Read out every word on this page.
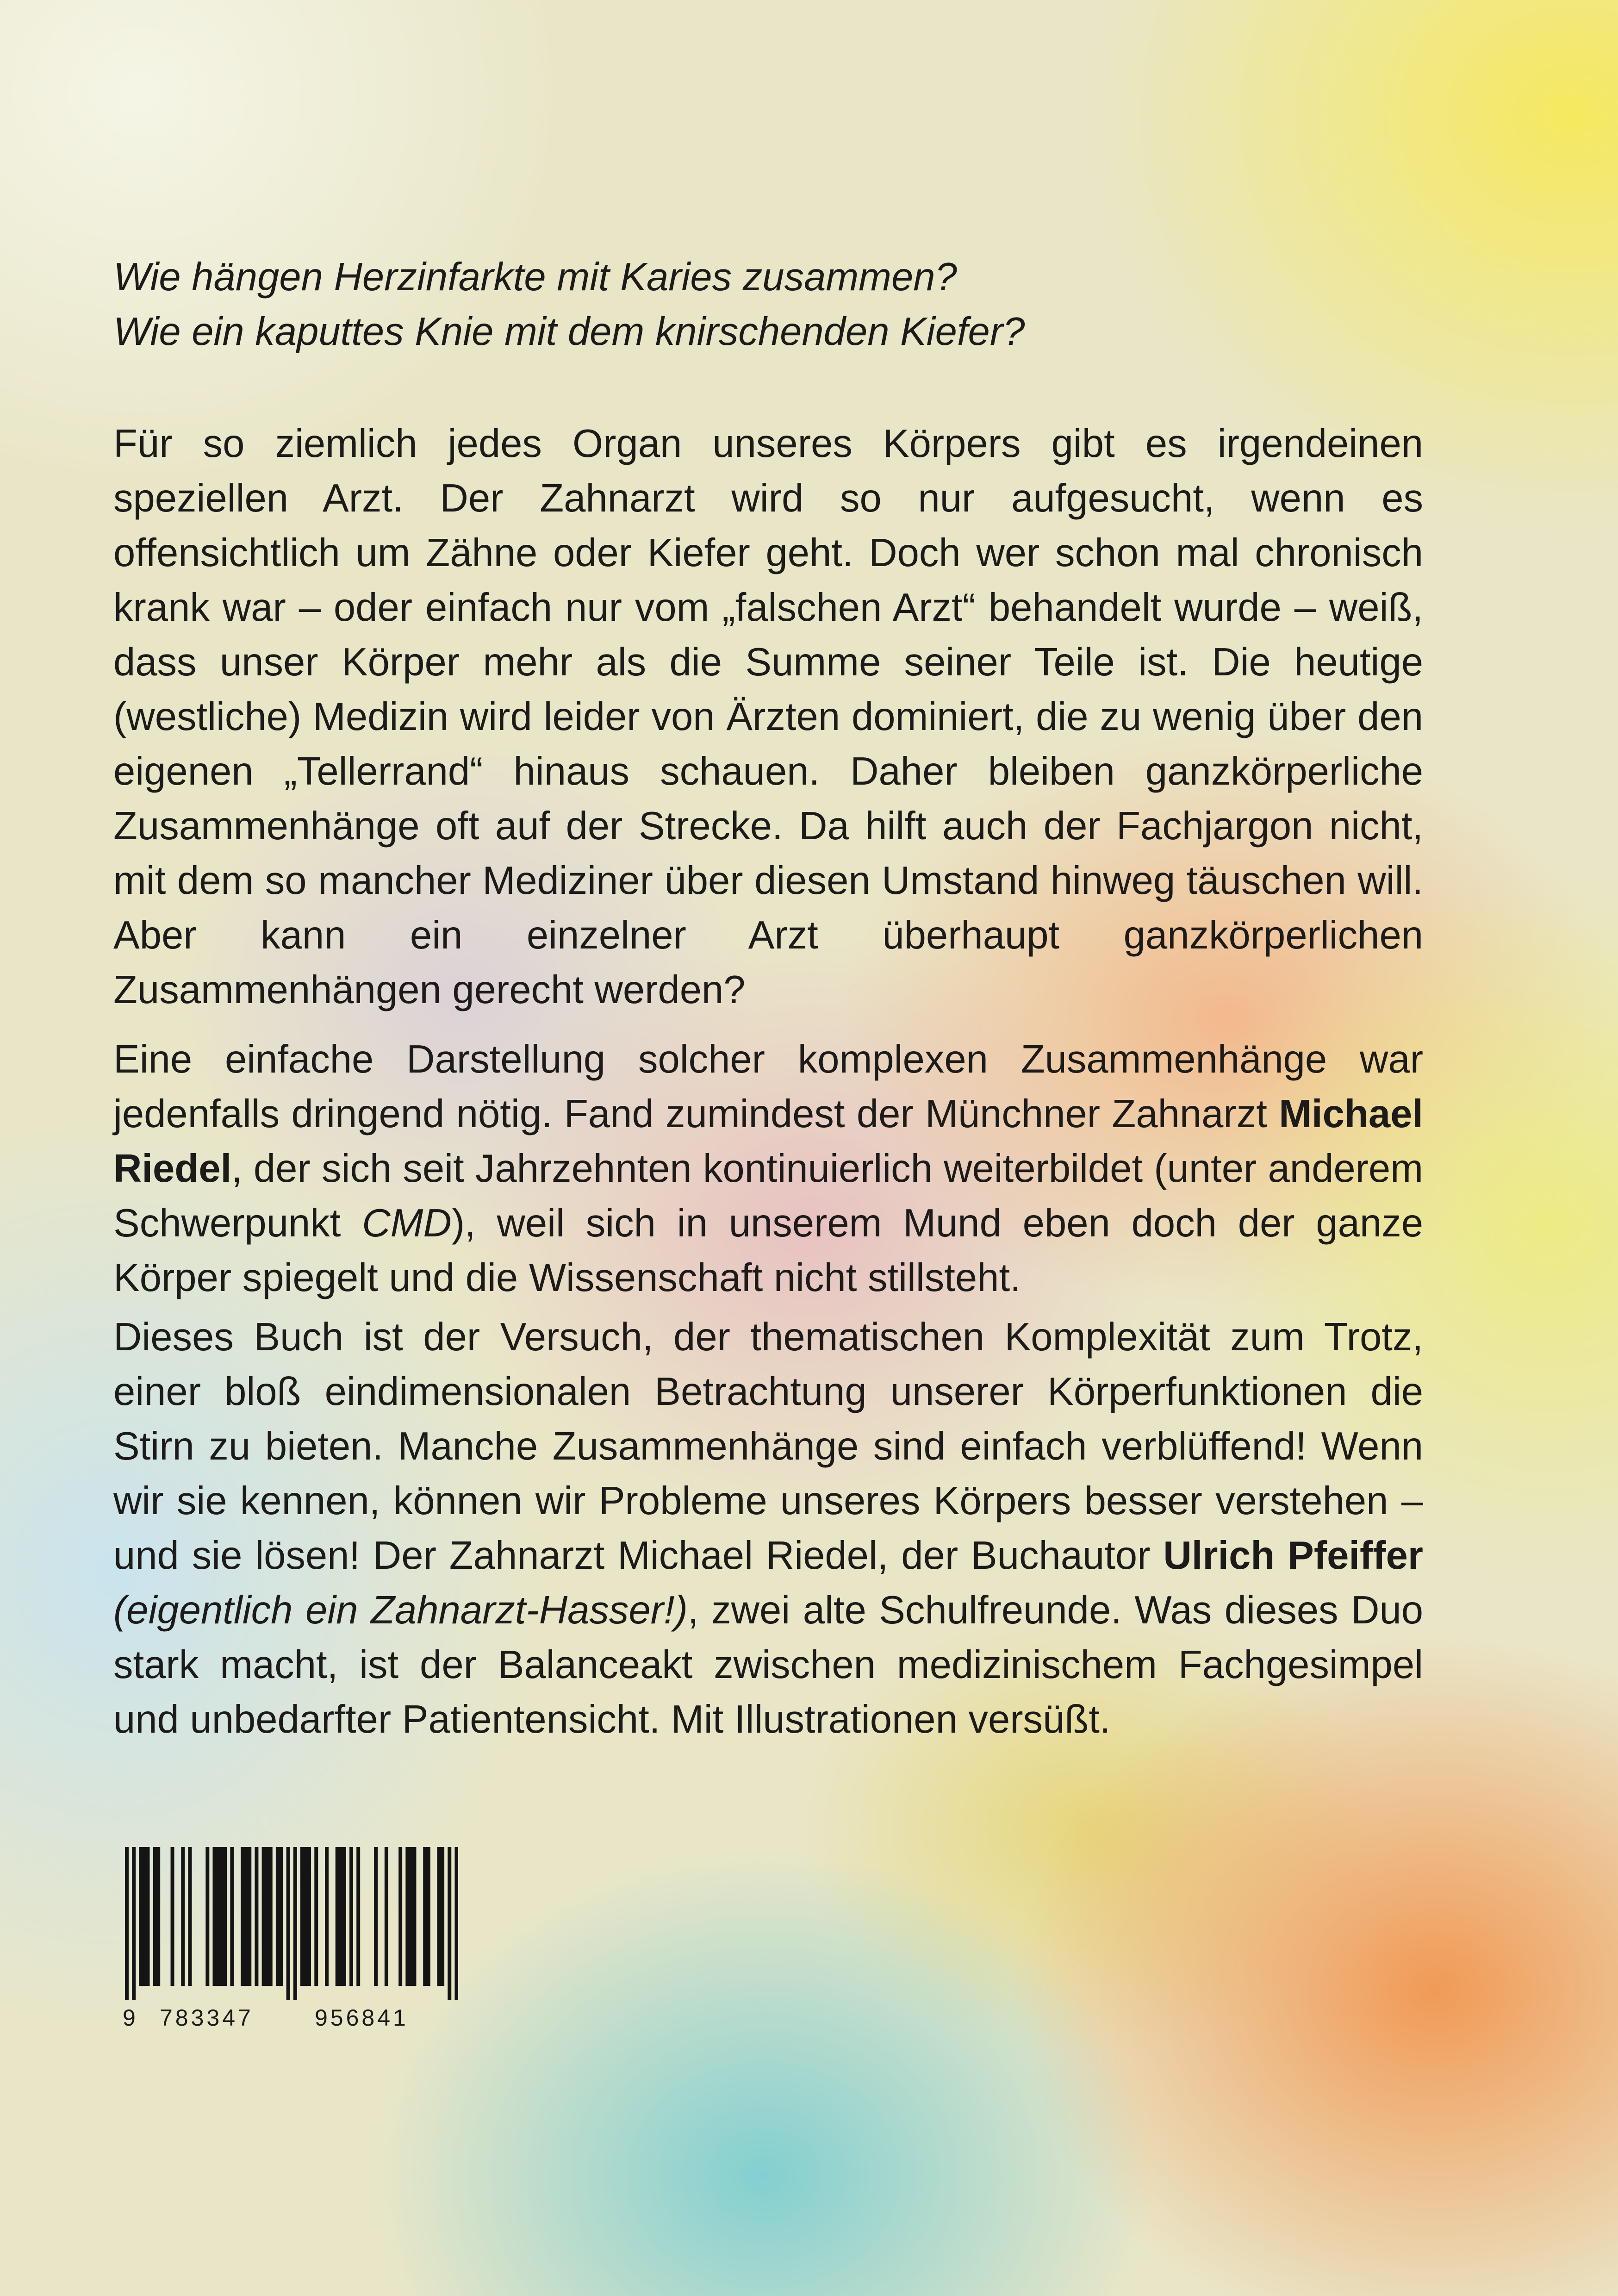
Wie hängen Herzinfarkte mit Karies zusammen?

Wie ein kaputtes Knie mit dem knirschenden Kiefer?

Für so ziemlich jedes Organ unseres Körpers gibt es irgendeinen speziellen Arzt. Der Zahnarzt wird so nur aufgesucht, wenn es offensichtlich um Zähne oder Kiefer geht. Doch wer schon mal chronisch krank war – oder einfach nur vom „falschen Arzt“ behandelt wurde – weiß, dass unser Körper mehr als die Summe seiner Teile ist. Die heutige (westliche) Medizin wird leider von Ärzten dominiert, die zu wenig über den eigenen „Tellerrand“ hinaus schauen. Daher bleiben ganzkörperliche Zusammenhänge oft auf der Strecke. Da hilft auch der Fachjargon nicht, mit dem so mancher Mediziner über diesen Umstand hinweg täuschen will. Aber kann ein einzelner Arzt überhaupt ganzkörperlichen Zusammenhängen gerecht werden?

Eine einfache Darstellung solcher komplexen Zusammenhänge war jedenfalls dringend nötig. Fand zumindest der Münchner Zahnarzt Michael Riedel, der sich seit Jahrzehnten kontinuierlich weiterbildet (unter anderem Schwerpunkt CMD), weil sich in unserem Mund eben doch der ganze Körper spiegelt und die Wissenschaft nicht stillsteht.

Dieses Buch ist der Versuch, der thematischen Komplexität zum Trotz, einer bloß eindimensionalen Betrachtung unserer Körperfunktionen die Stirn zu bieten. Manche Zusammenhänge sind einfach verblüffend! Wenn wir sie kennen, können wir Probleme unseres Körpers besser verstehen – und sie lösen! Der Zahnarzt Michael Riedel, der Buchautor Ulrich Pfeiffer (eigentlich ein Zahnarzt-Hasser!), zwei alte Schulfreunde. Was dieses Duo stark macht, ist der Balanceakt zwischen medizinischem Fachgesimpel und unbedarfter Patientensicht. Mit Illustrationen versüßt.

9 783347	956841
